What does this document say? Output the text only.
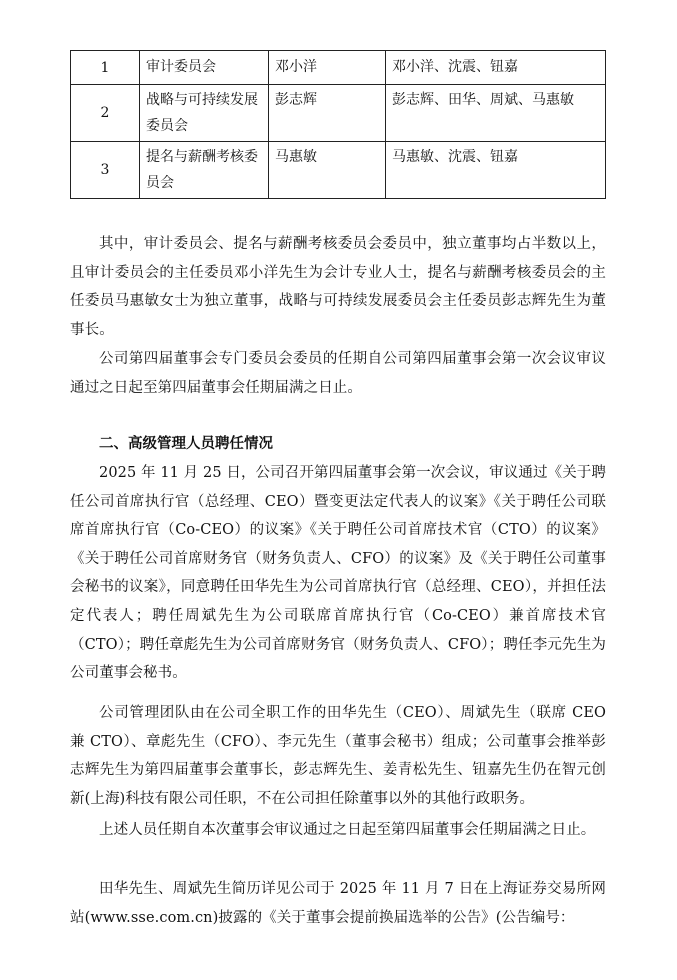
1	审计委员会	邓小洋	邓小洋、沈震、钮嘉
2	战略与可持续发展委员会	彭志辉	彭志辉、田华、周斌、马惠敏
3	提名与薪酬考核委员会	马惠敏	马惠敏、沈震、钮嘉

其中，审计委员会、提名与薪酬考核委员会委员中，独立董事均占半数以上，且审计委员会的主任委员邓小洋先生为会计专业人士，提名与薪酬考核委员会的主任委员马惠敏女士为独立董事，战略与可持续发展委员会主任委员彭志辉先生为董事长。

公司第四届董事会专门委员会委员的任期自公司第四届董事会第一次会议审议通过之日起至第四届董事会任期届满之日止。

二、高级管理人员聘任情况

2025 年 11 月 25 日，公司召开第四届董事会第一次会议，审议通过《关于聘任公司首席执行官（总经理、CEO）暨变更法定代表人的议案》《关于聘任公司联席首席执行官（Co-CEO）的议案》《关于聘任公司首席技术官（CTO）的议案》《关于聘任公司首席财务官（财务负责人、CFO）的议案》及《关于聘任公司董事会秘书的议案》，同意聘任田华先生为公司首席执行官（总经理、CEO），并担任法定代表人；聘任周斌先生为公司联席首席执行官（Co-CEO）兼首席技术官（CTO）；聘任章彪先生为公司首席财务官（财务负责人、CFO）；聘任李元先生为公司董事会秘书。

公司管理团队由在公司全职工作的田华先生（CEO）、周斌先生（联席 CEO 兼 CTO）、章彪先生（CFO）、李元先生（董事会秘书）组成；公司董事会推举彭志辉先生为第四届董事会董事长，彭志辉先生、姜青松先生、钮嘉先生仍在智元创新(上海)科技有限公司任职，不在公司担任除董事以外的其他行政职务。

上述人员任期自本次董事会审议通过之日起至第四届董事会任期届满之日止。

田华先生、周斌先生简历详见公司于 2025 年 11 月 7 日在上海证券交易所网站(www.sse.com.cn)披露的《关于董事会提前换届选举的公告》(公告编号：
